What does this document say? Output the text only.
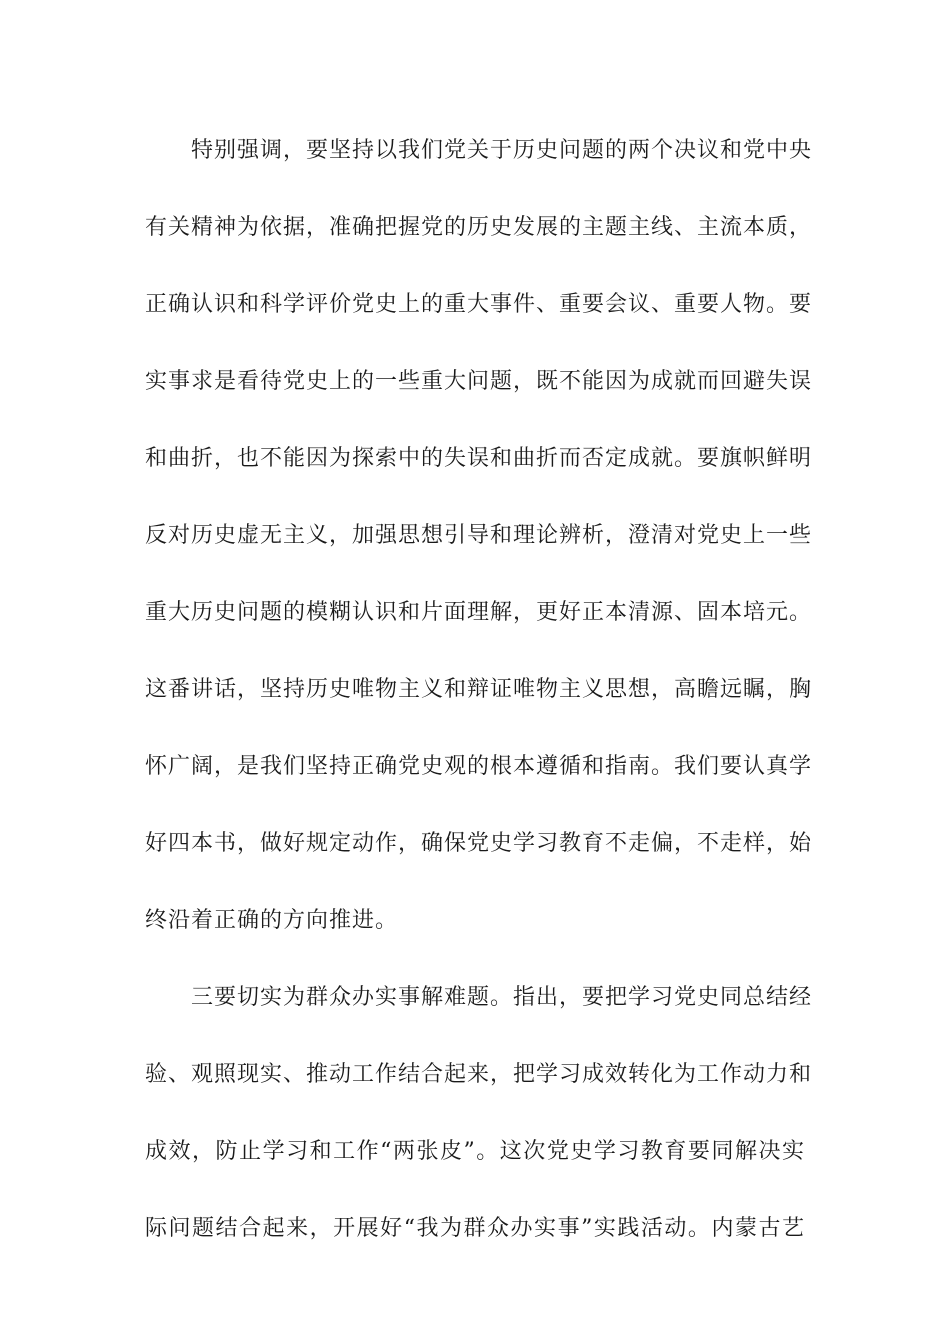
特别强调，要坚持以我们党关于历史问题的两个决议和党中央
有关精神为依据，准确把握党的历史发展的主题主线、主流本质，
正确认识和科学评价党史上的重大事件、重要会议、重要人物。要
实事求是看待党史上的一些重大问题，既不能因为成就而回避失误
和曲折，也不能因为探索中的失误和曲折而否定成就。要旗帜鲜明
反对历史虚无主义，加强思想引导和理论辨析，澄清对党史上一些
重大历史问题的模糊认识和片面理解，更好正本清源、固本培元。
这番讲话，坚持历史唯物主义和辩证唯物主义思想，高瞻远瞩，胸
怀广阔，是我们坚持正确党史观的根本遵循和指南。我们要认真学
好四本书，做好规定动作，确保党史学习教育不走偏，不走样，始
终沿着正确的方向推进。
三要切实为群众办实事解难题。指出，要把学习党史同总结经
验、观照现实、推动工作结合起来，把学习成效转化为工作动力和
成效，防止学习和工作“两张皮”。这次党史学习教育要同解决实
际问题结合起来，开展好“我为群众办实事”实践活动。内蒙古艺
